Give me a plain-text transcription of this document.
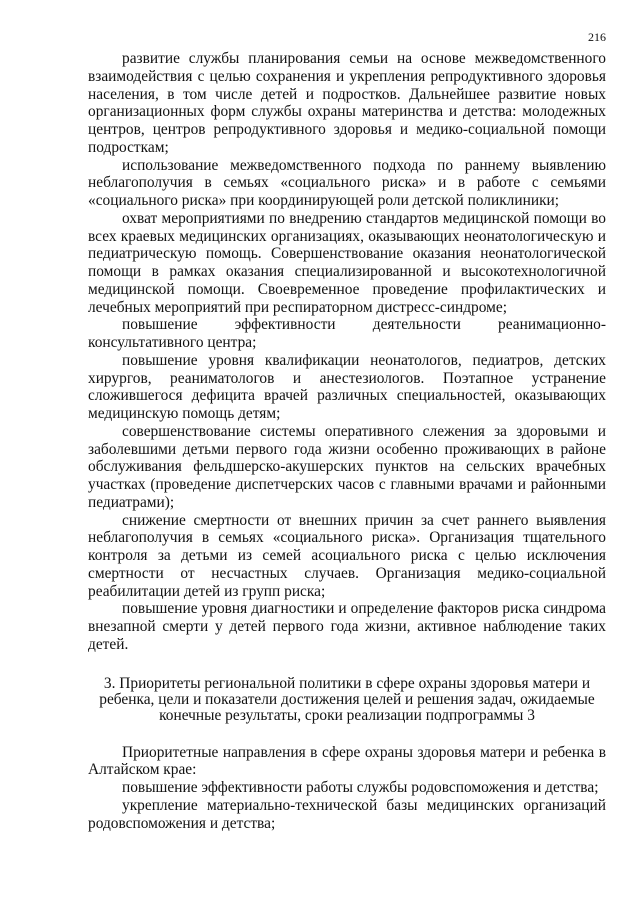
216

развитие службы планирования семьи на основе межведомственного взаимодействия с целью сохранения и укрепления репродуктивного здоровья населения, в том числе детей и подростков. Дальнейшее развитие новых организационных форм службы охраны материнства и детства: молодежных центров, центров репродуктивного здоровья и медико-социальной помощи подросткам;

использование межведомственного подхода по раннему выявлению неблагополучия в семьях «социального риска» и в работе с семьями «социального риска» при координирующей роли детской поликлиники;

охват мероприятиями по внедрению стандартов медицинской помощи во всех краевых медицинских организациях, оказывающих неонатологическую и педиатрическую помощь. Совершенствование оказания неонатологической помощи в рамках оказания специализированной и высокотехнологичной медицинской помощи. Своевременное проведение профилактических и лечебных мероприятий при респираторном дистресс-синдроме;

повышение эффективности деятельности реанимационно-консультативного центра;

повышение уровня квалификации неонатологов, педиатров, детских хирургов, реаниматологов и анестезиологов. Поэтапное устранение сложившегося дефицита врачей различных специальностей, оказывающих медицинскую помощь детям;

совершенствование системы оперативного слежения за здоровыми и заболевшими детьми первого года жизни особенно проживающих в районе обслуживания фельдшерско-акушерских пунктов на сельских врачебных участках (проведение диспетчерских часов с главными врачами и районными педиатрами);

снижение смертности от внешних причин за счет раннего выявления неблагополучия в семьях «социального риска». Организация тщательного контроля за детьми из семей асоциального риска с целью исключения смертности от несчастных случаев. Организация медико-социальной реабилитации детей из групп риска;

повышение уровня диагностики и определение факторов риска синдрома внезапной смерти у детей первого года жизни, активное наблюдение таких детей.

3. Приоритеты региональной политики в сфере охраны здоровья матери и
ребенка, цели и показатели достижения целей и решения задач, ожидаемые
конечные результаты, сроки реализации подпрограммы 3

Приоритетные направления в сфере охраны здоровья матери и ребенка в Алтайском крае:

повышение эффективности работы службы родовспоможения и детства;

укрепление материально-технической базы медицинских организаций родовспоможения и детства;
